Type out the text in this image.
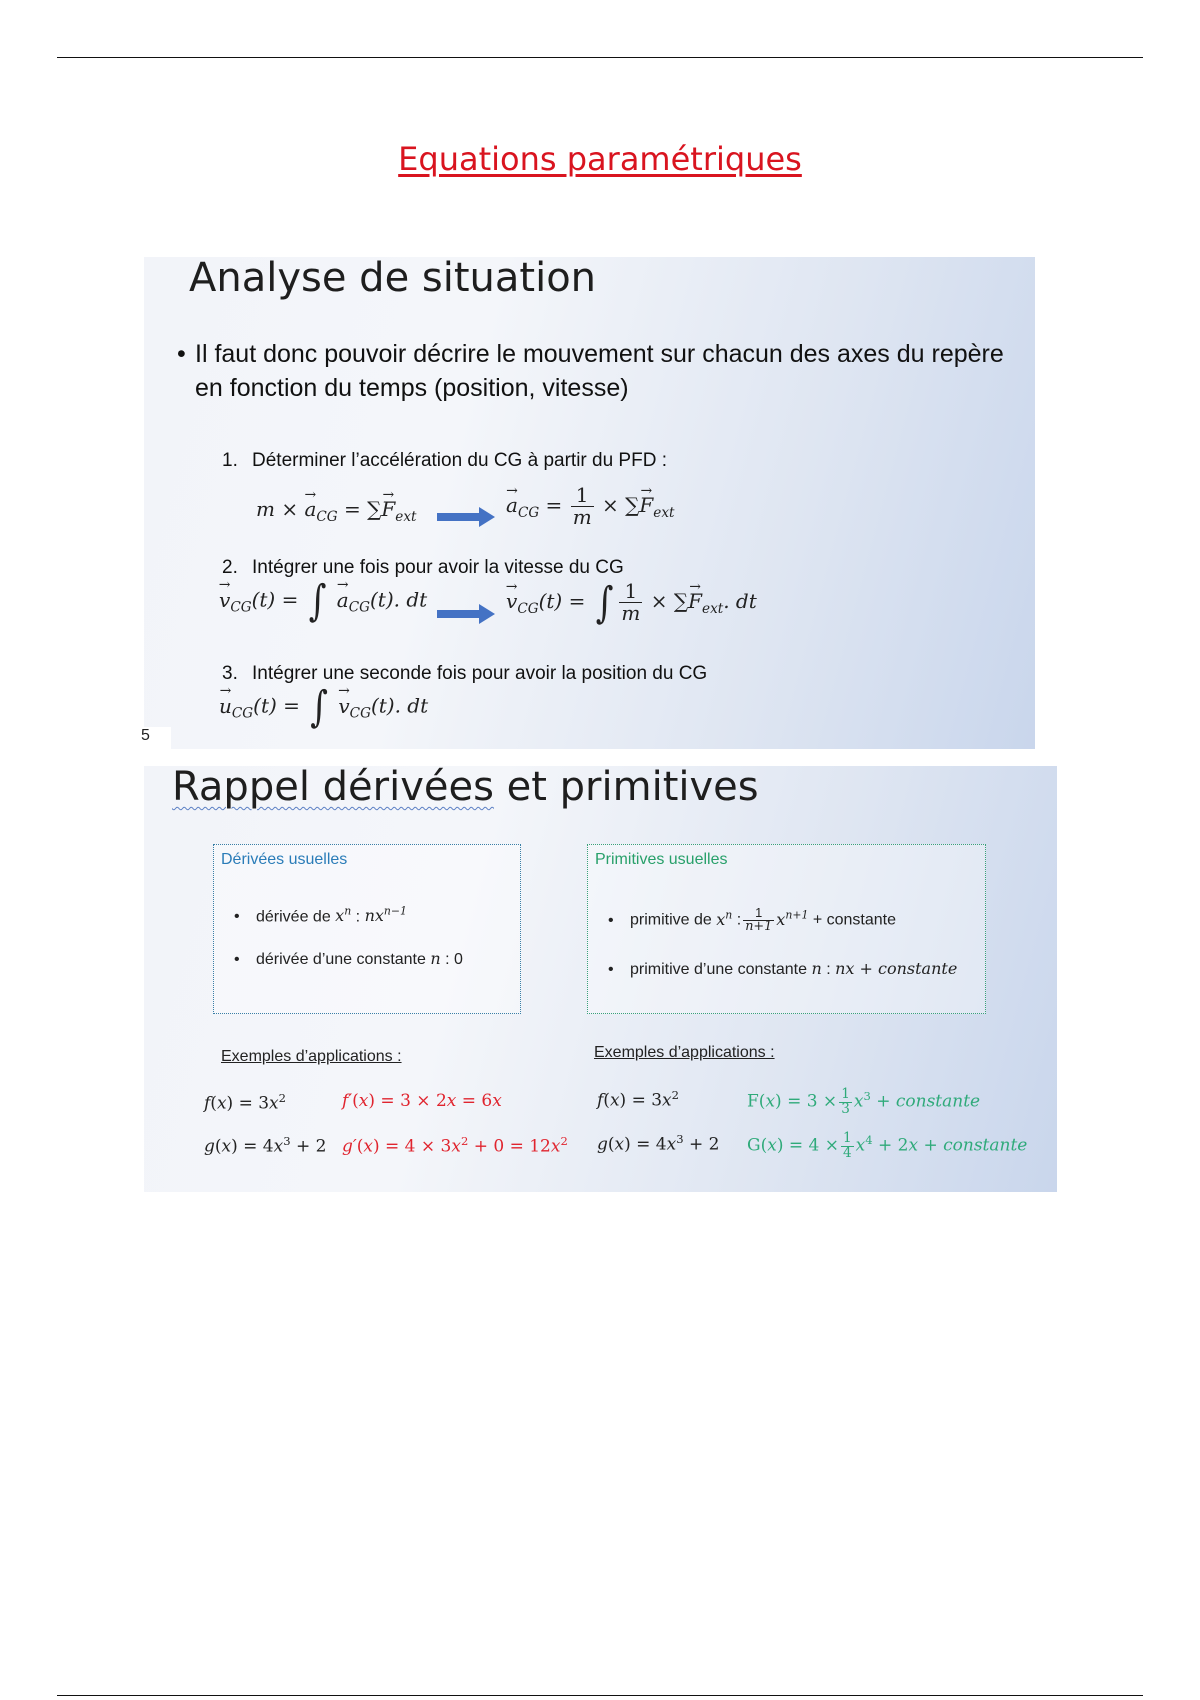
Equations paramétriques
Analyse de situation
• Il faut donc pouvoir décrire le mouvement sur chacun des axes du repère en fonction du temps (position, vitesse)
1. Déterminer l’accélération du CG à partir du PFD :
m × → $a_{CG}$ = ∑→ $F_{ext}$	→ $a_{CG} = \frac{1}{m}$ × ∑→ $F_{ext}$
2. Intégrer une fois pour avoir la vitesse du CG
→ $v_{CG}(t)$ = ∫ → $a_{CG}(t)$. dt	→ $v_{CG}(t)$ = ∫ $\frac{1}{m}$ × ∑→ $F_{ext}$. dt
3. Intégrer une seconde fois pour avoir la position du CG
→ $u_{CG}(t)$ = ∫ → $v_{CG}(t)$. dt
5
Rappel dérivées et primitives
Dérivées usuelles
• dérivée de $x^n$ : $nx^{n-1}$
• dérivée d’une constante n : 0
Primitives usuelles
• primitive de $x^n$ : $\frac{1}{n+1} x^{n+1}$ + constante
• primitive d’une constante n : nx + constante
Exemples d’applications :	Exemples d’applications :
$f(x) = 3x^2$	f′(x) = 3 × 2x = 6x
$g(x) = 4x^3 + 2$ $g'(x) = 4 \times 3x^2 + 0 = 12x^2$
$f(x) = 3x^2$	$F(x) = 3 \times \frac{1}{3} x^3$ + constante
$g(x) = 4x^3 + 2$ $G(x) = 4 \times \frac{1}{4} x^4 + 2x$ + constante
